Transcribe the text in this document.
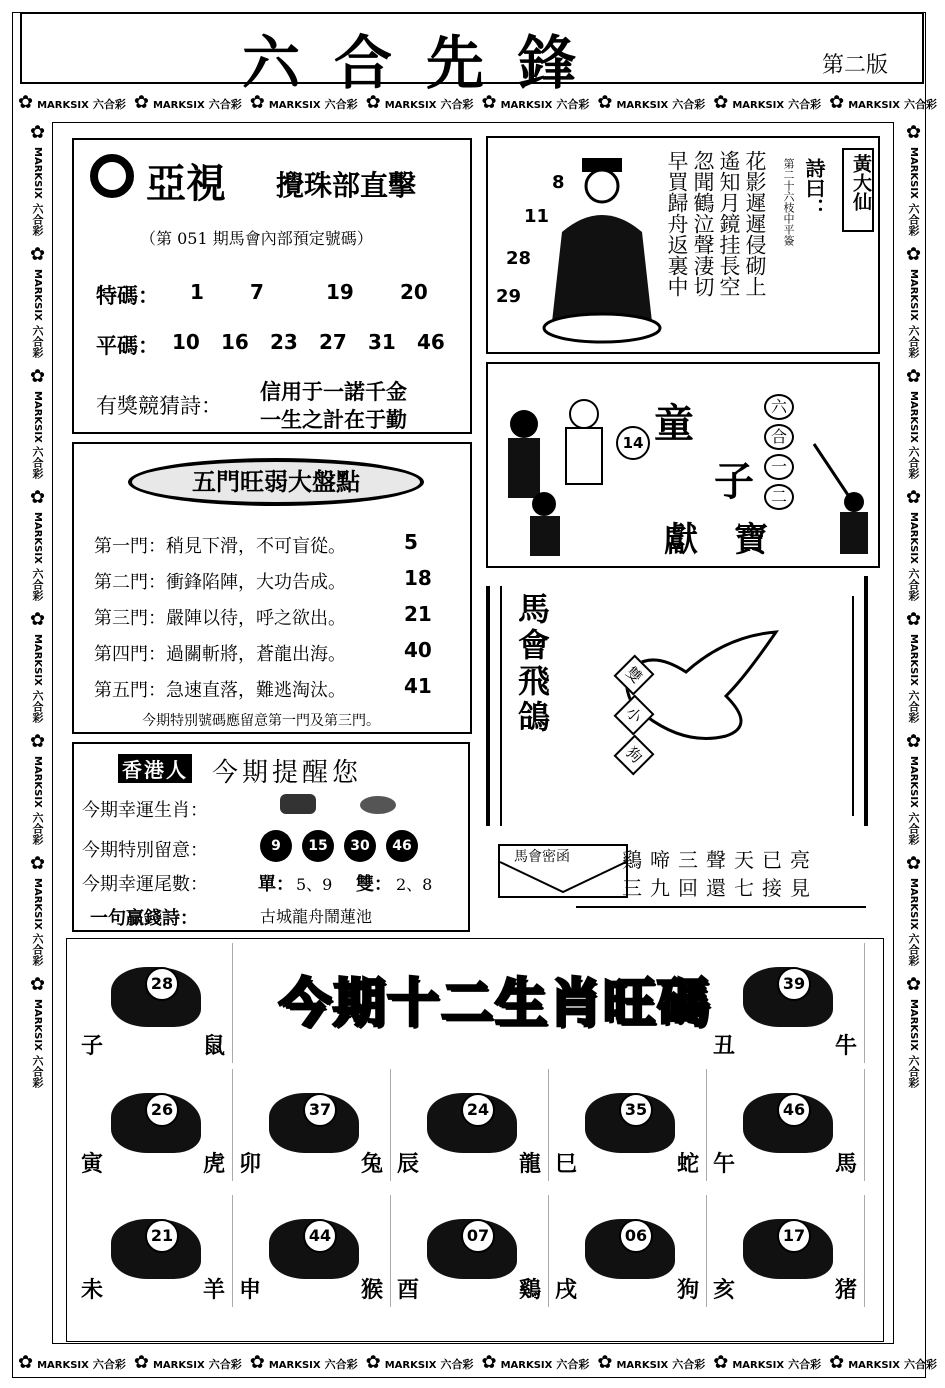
六合先鋒	第二版
✿ MARKSIX 六合彩 ✿ MARKSIX 六合彩 ✿ MARKSIX 六合彩 ✿ MARKSIX 六合彩 ✿ MARKSIX 六合彩 ✿ MARKSIX 六合彩 ✿ MARKSIX 六合彩 ✿ MARKSIX 六合彩
✿ MARKSIX 六合彩 ✿ MARKSIX 六合彩 ✿ MARKSIX 六合彩 ✿ MARKSIX 六合彩 ✿ MARKSIX 六合彩 ✿ MARKSIX 六合彩 ✿ MARKSIX 六合彩 ✿ MARKSIX 六合彩
✿MARKSIX六合彩✿MARKSIX六合彩✿MARKSIX六合彩✿MARKSIX六合彩✿MARKSIX六合彩✿MARKSIX六合彩✿MARKSIX六合彩✿MARKSIX六合彩
✿MARKSIX六合彩✿MARKSIX六合彩✿MARKSIX六合彩✿MARKSIX六合彩✿MARKSIX六合彩✿MARKSIX六合彩✿MARKSIX六合彩✿MARKSIX六合彩
亞視 攪珠部直擊
（第 051 期馬會內部預定號碼）
特碼： 1 7	19 20
平碼： 10 16 23 27 31 46
有獎競猜詩：
信用于一諾千金
一生之計在于勤
8
11
28
29	花影遲遲侵砌上
遙知月鏡挂長空
忽聞鶴泣聲淒切
早買歸舟返裏中	第二十六枝中平簽 詩曰： 黃大仙
14 童
子
獻 寶
六
合
一
二
五門旺弱大盤點
第一門：稍見下滑，不可盲從。	5
第二門：衝鋒陷陣，大功告成。	18
第三門：嚴陣以待，呼之欲出。	21
第四門：過關斬將，蒼龍出海。	40
第五門：急速直落，難逃淘汰。	41
今期特別號碼應留意第一門及第三門。
馬
會
飛
鴿
雙
小
狗
馬會密函	鷄啼三聲天已亮
三九回還七接見
香港人 今期提醒您
今期幸運生肖：
今期特別留意：	9 15 30 46
今期幸運尾數：	單： 5、9 雙： 2、8
一句贏錢詩：	古城龍舟鬧蓮池
今期十二生肖旺碼
28
子	鼠
39
丑	牛
26
寅	虎
37
卯	兔
24
辰	龍
35
巳	蛇
46
午	馬
21
未	羊
44
申	猴
07
酉	鷄
06
戌	狗
17
亥	猪
